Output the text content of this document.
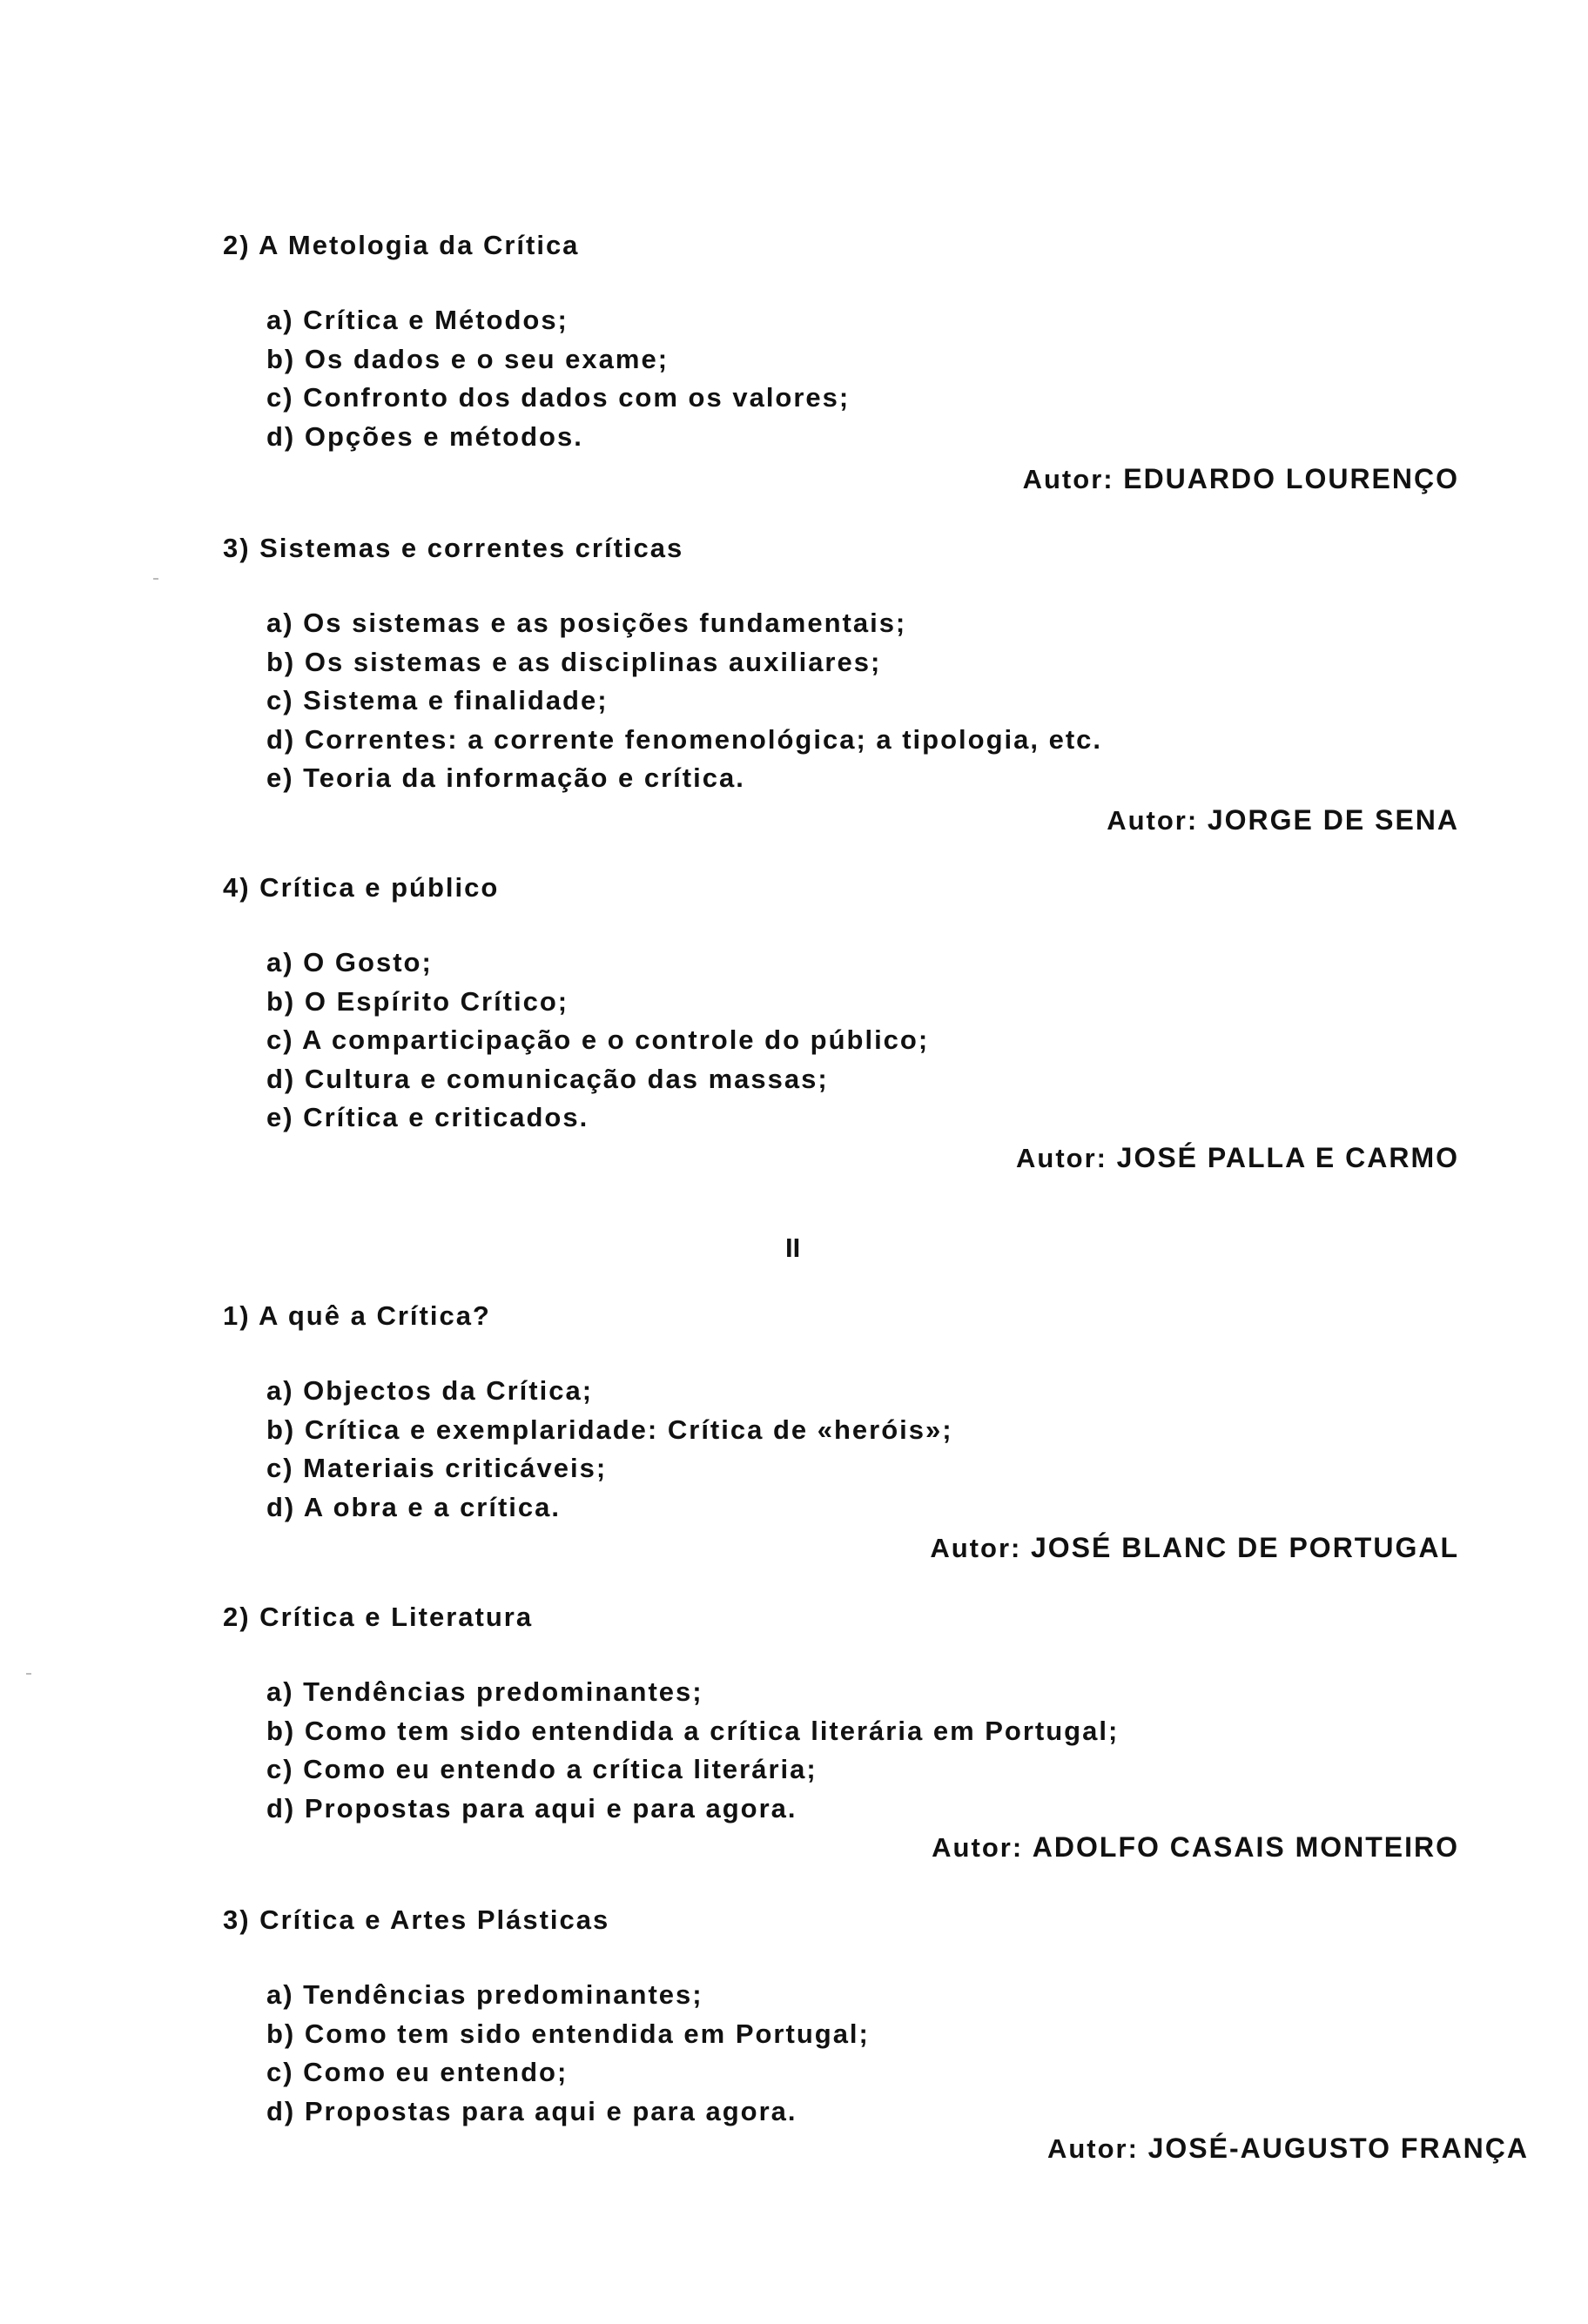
2) A Metologia da Crítica
a) Crítica e Métodos;
b) Os dados e o seu exame;
c) Confronto dos dados com os valores;
d) Opções e métodos.
Autor: EDUARDO LOURENÇO
3) Sistemas e correntes críticas
a) Os sistemas e as posições fundamentais;
b) Os sistemas e as disciplinas auxiliares;
c) Sistema e finalidade;
d) Correntes: a corrente fenomenológica; a tipologia, etc.
e) Teoria da informação e crítica.
Autor: JORGE DE SENA
4) Crítica e público
a) O Gosto;
b) O Espírito Crítico;
c) A comparticipação e o controle do público;
d) Cultura e comunicação das massas;
e) Crítica e criticados.
Autor: JOSÉ PALLA E CARMO
II
1) A quê a Crítica?
a) Objectos da Crítica;
b) Crítica e exemplaridade: Crítica de «heróis»;
c) Materiais criticáveis;
d) A obra e a crítica.
Autor: JOSÉ BLANC DE PORTUGAL
2) Crítica e Literatura
a) Tendências predominantes;
b) Como tem sido entendida a crítica literária em Portugal;
c) Como eu entendo a crítica literária;
d) Propostas para aqui e para agora.
Autor: ADOLFO CASAIS MONTEIRO
3) Crítica e Artes Plásticas
a) Tendências predominantes;
b) Como tem sido entendida em Portugal;
c) Como eu entendo;
d) Propostas para aqui e para agora.
Autor: JOSÉ-AUGUSTO FRANÇA
